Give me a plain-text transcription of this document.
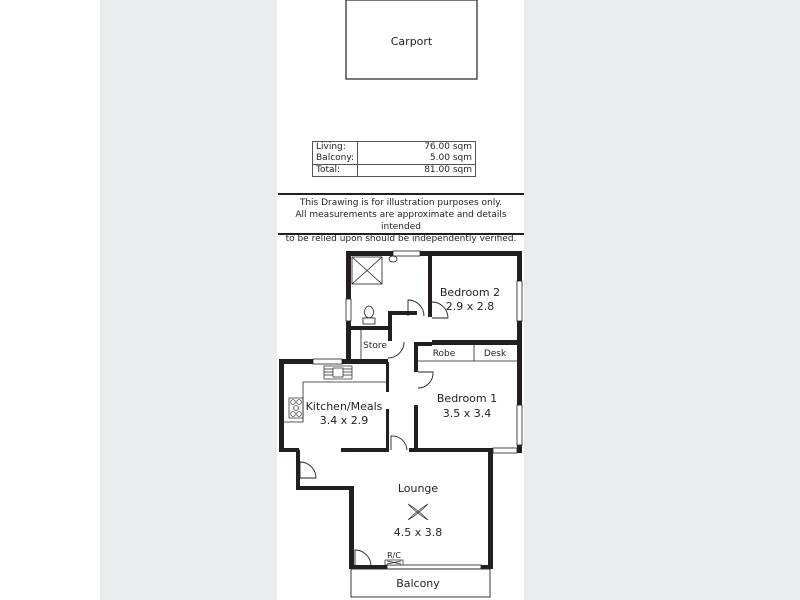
Carport
Robe	Desk
R/C
Bedroom 2
2.9 x 2.8
Store
Bedroom 1
3.5 x 3.4
Kitchen/Meals
3.4 x 2.9
Lounge
4.5 x 3.8
Balcony
Living:	76.00 sqm
Balcony:	5.00 sqm
Total:	81.00 sqm
This Drawing is for illustration purposes only.
All measurements are approximate and details intended
to be relied upon should be independently verified.
